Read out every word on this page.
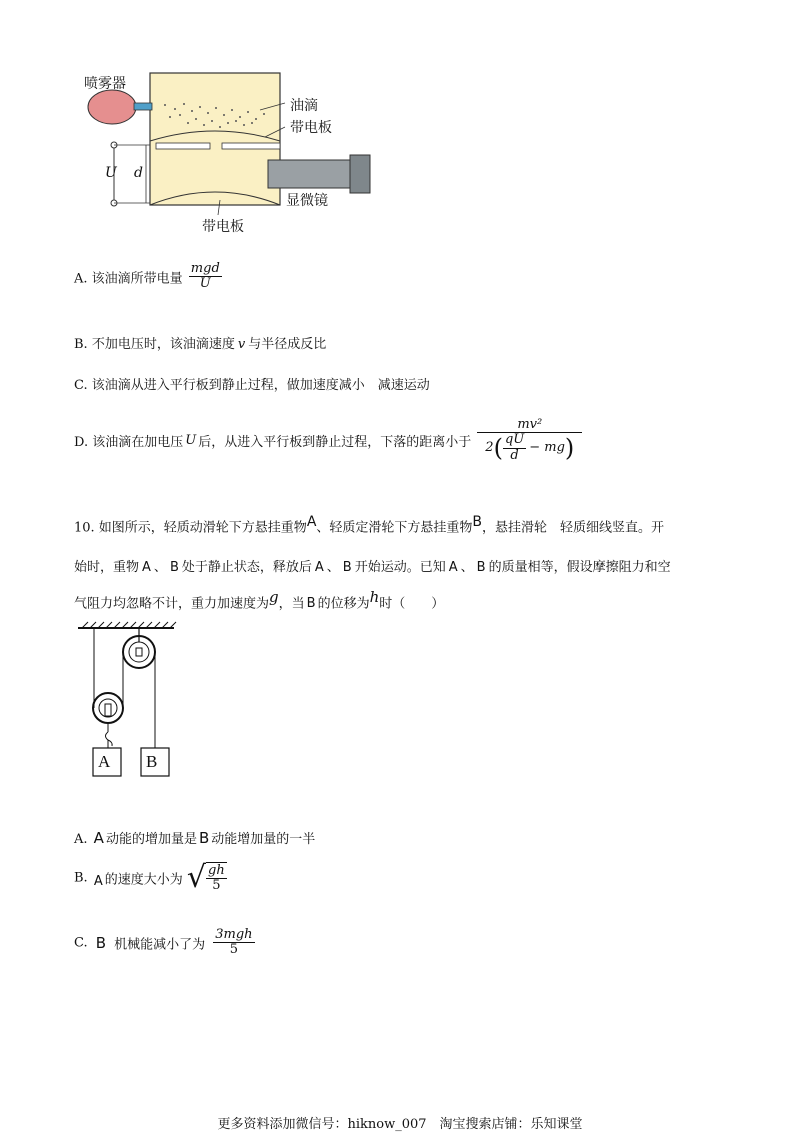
喷雾器
油滴
带电板
U d
显微镜
带电板
A. 该油滴所带电量 $\frac{\text{mgd}}{U}$
B. 不加电压时，该油滴速度 v 与半径成反比
C. 该油滴从进入平行板到静止过程，做加速度减小　减速运动
D. 该油滴在加电压 U 后，从进入平行板到静止过程，下落的距离小于
mv²
2 ( $\frac{qU}{d}$ − mg )
10. 如图所示，轻质动滑轮下方悬挂重物$^A$、轻质定滑轮下方悬挂重物$^B$，悬挂滑轮　轻质细线竖直。开
始时，重物 A 、 B 处于静止状态，释放后 A 、 B 开始运动。已知 A 、 B 的质量相等，假设摩擦阻力和空
气阻力均忽略不计，重力加速度为$^g$，当 B 的位移为$^h$时（　　）
A B
A. A 动能的增加量是 B 动能增加量的一半
B. $_A$ 的速度大小为 √ $\frac{gh}{5}$
C. B 机械能减小了为 $\frac{\text{3mgh}}{5}$
更多资料添加微信号：hiknow_007　淘宝搜索店铺：乐知课堂
